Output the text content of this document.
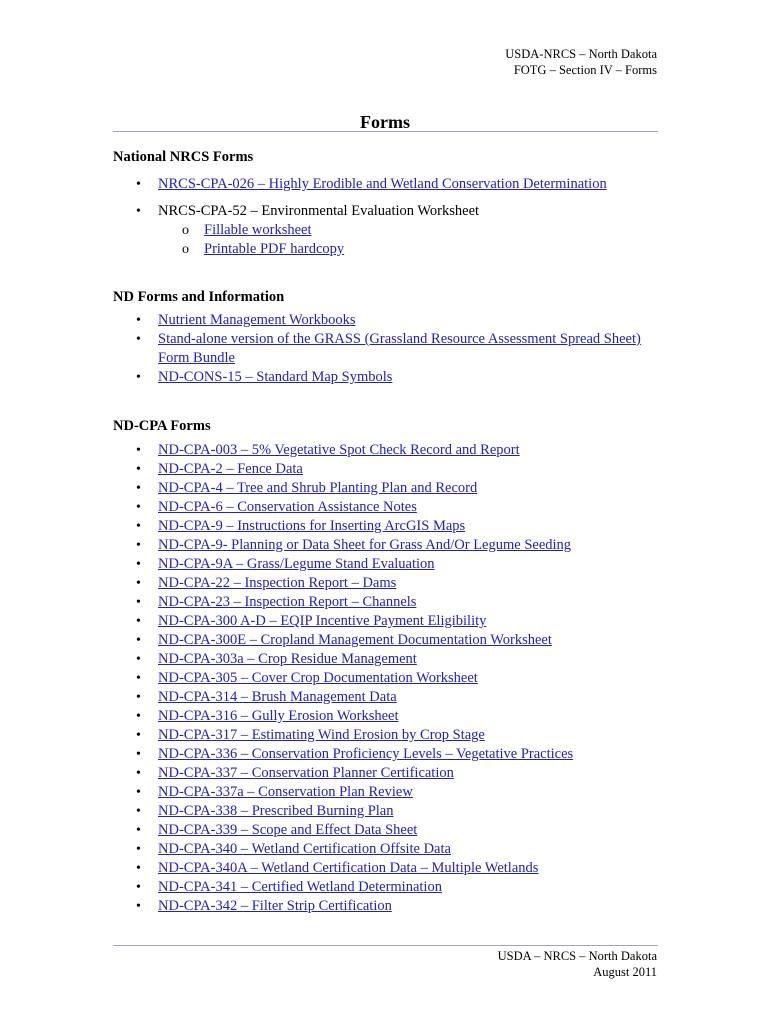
USDA-NRCS – North Dakota
FOTG – Section IV – Forms
Forms
National NRCS Forms
• NRCS-CPA-026 – Highly Erodible and Wetland Conservation Determination
• NRCS-CPA-52 – Environmental Evaluation Worksheet
o Fillable worksheet
o Printable PDF hardcopy
ND Forms and Information
• Nutrient Management Workbooks
• Stand-alone version of the GRASS (Grassland Resource Assessment Spread Sheet) Form Bundle
• ND-CONS-15 – Standard Map Symbols
ND-CPA Forms
• ND-CPA-003 – 5% Vegetative Spot Check Record and Report
• ND-CPA-2 – Fence Data
• ND-CPA-4 – Tree and Shrub Planting Plan and Record
• ND-CPA-6 – Conservation Assistance Notes
• ND-CPA-9 – Instructions for Inserting ArcGIS Maps
• ND-CPA-9- Planning or Data Sheet for Grass And/Or Legume Seeding
• ND-CPA-9A – Grass/Legume Stand Evaluation
• ND-CPA-22 – Inspection Report – Dams
• ND-CPA-23 – Inspection Report – Channels
• ND-CPA-300 A-D – EQIP Incentive Payment Eligibility
• ND-CPA-300E – Cropland Management Documentation Worksheet
• ND-CPA-303a – Crop Residue Management
• ND-CPA-305 – Cover Crop Documentation Worksheet
• ND-CPA-314 – Brush Management Data
• ND-CPA-316 – Gully Erosion Worksheet
• ND-CPA-317 – Estimating Wind Erosion by Crop Stage
• ND-CPA-336 – Conservation Proficiency Levels – Vegetative Practices
• ND-CPA-337 – Conservation Planner Certification
• ND-CPA-337a – Conservation Plan Review
• ND-CPA-338 – Prescribed Burning Plan
• ND-CPA-339 – Scope and Effect Data Sheet
• ND-CPA-340 – Wetland Certification Offsite Data
• ND-CPA-340A – Wetland Certification Data – Multiple Wetlands
• ND-CPA-341 – Certified Wetland Determination
• ND-CPA-342 – Filter Strip Certification
USDA – NRCS – North Dakota
August 2011
